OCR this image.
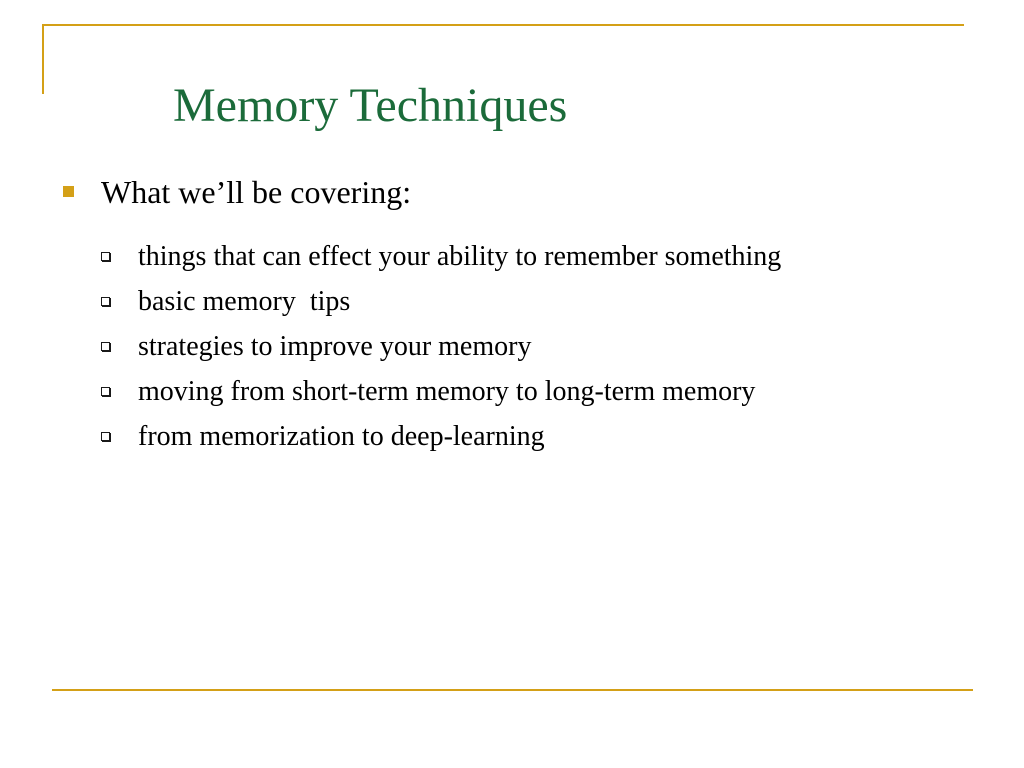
Memory Techniques
What we’ll be covering:
things that can effect your ability to remember something
basic memory  tips
strategies to improve your memory
moving from short-term memory to long-term memory
from memorization to deep-learning
